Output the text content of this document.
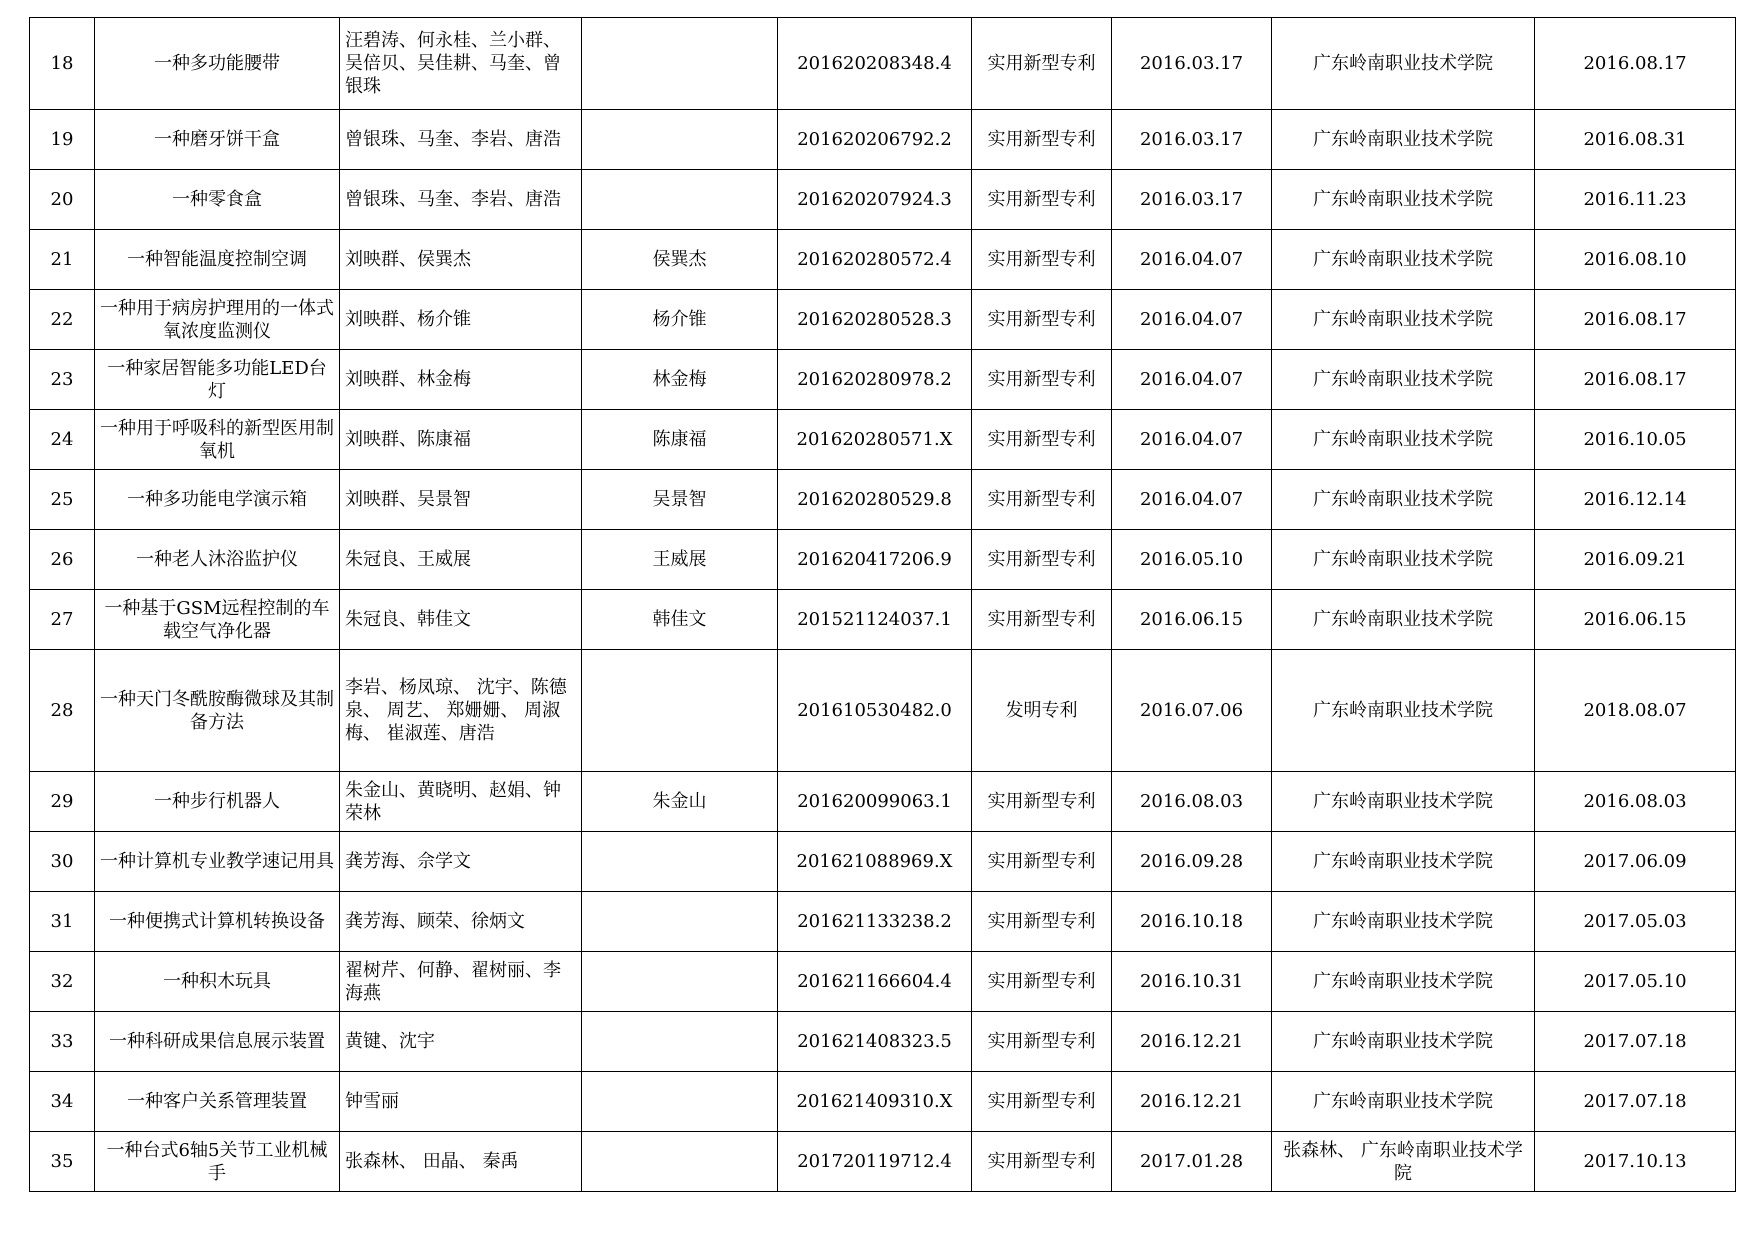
18	一种多功能腰带	汪碧涛、何永桂、兰小群、吴倍贝、吴佳耕、马奎、曾银珠		201620208348.4	实用新型专利	2016.03.17	广东岭南职业技术学院	2016.08.17
19	一种磨牙饼干盒	曾银珠、马奎、李岩、唐浩		201620206792.2	实用新型专利	2016.03.17	广东岭南职业技术学院	2016.08.31
20	一种零食盒	曾银珠、马奎、李岩、唐浩		201620207924.3	实用新型专利	2016.03.17	广东岭南职业技术学院	2016.11.23
21	一种智能温度控制空调	刘映群、侯巽杰	侯巽杰	201620280572.4	实用新型专利	2016.04.07	广东岭南职业技术学院	2016.08.10
22	一种用于病房护理用的一体式氧浓度监测仪	刘映群、杨介锥	杨介锥	201620280528.3	实用新型专利	2016.04.07	广东岭南职业技术学院	2016.08.17
23	一种家居智能多功能LED台灯	刘映群、林金梅	林金梅	201620280978.2	实用新型专利	2016.04.07	广东岭南职业技术学院	2016.08.17
24	一种用于呼吸科的新型医用制氧机	刘映群、陈康福	陈康福	201620280571.X	实用新型专利	2016.04.07	广东岭南职业技术学院	2016.10.05
25	一种多功能电学演示箱	刘映群、吴景智	吴景智	201620280529.8	实用新型专利	2016.04.07	广东岭南职业技术学院	2016.12.14
26	一种老人沐浴监护仪	朱冠良、王威展	王威展	201620417206.9	实用新型专利	2016.05.10	广东岭南职业技术学院	2016.09.21
27	一种基于GSM远程控制的车载空气净化器	朱冠良、韩佳文	韩佳文	201521124037.1	实用新型专利	2016.06.15	广东岭南职业技术学院	2016.06.15
28	一种天门冬酰胺酶微球及其制备方法	李岩、杨凤琼、 沈宇、陈德泉、 周艺、 郑姗姗、 周淑梅、 崔淑莲、唐浩		201610530482.0	发明专利	2016.07.06	广东岭南职业技术学院	2018.08.07
29	一种步行机器人	朱金山、黄晓明、赵娟、钟荣林	朱金山	201620099063.1	实用新型专利	2016.08.03	广东岭南职业技术学院	2016.08.03
30	一种计算机专业教学速记用具	龚芳海、佘学文		201621088969.X	实用新型专利	2016.09.28	广东岭南职业技术学院	2017.06.09
31	一种便携式计算机转换设备	龚芳海、顾荣、徐炳文		201621133238.2	实用新型专利	2016.10.18	广东岭南职业技术学院	2017.05.03
32	一种积木玩具	翟树芹、何静、翟树丽、李海燕		201621166604.4	实用新型专利	2016.10.31	广东岭南职业技术学院	2017.05.10
33	一种科研成果信息展示装置	黄键、沈宇		201621408323.5	实用新型专利	2016.12.21	广东岭南职业技术学院	2017.07.18
34	一种客户关系管理装置	钟雪丽		201621409310.X	实用新型专利	2016.12.21	广东岭南职业技术学院	2017.07.18
35	一种台式6轴5关节工业机械手	张森林、 田晶、 秦禹		201720119712.4	实用新型专利	2017.01.28	张森林、 广东岭南职业技术学院	2017.10.13
